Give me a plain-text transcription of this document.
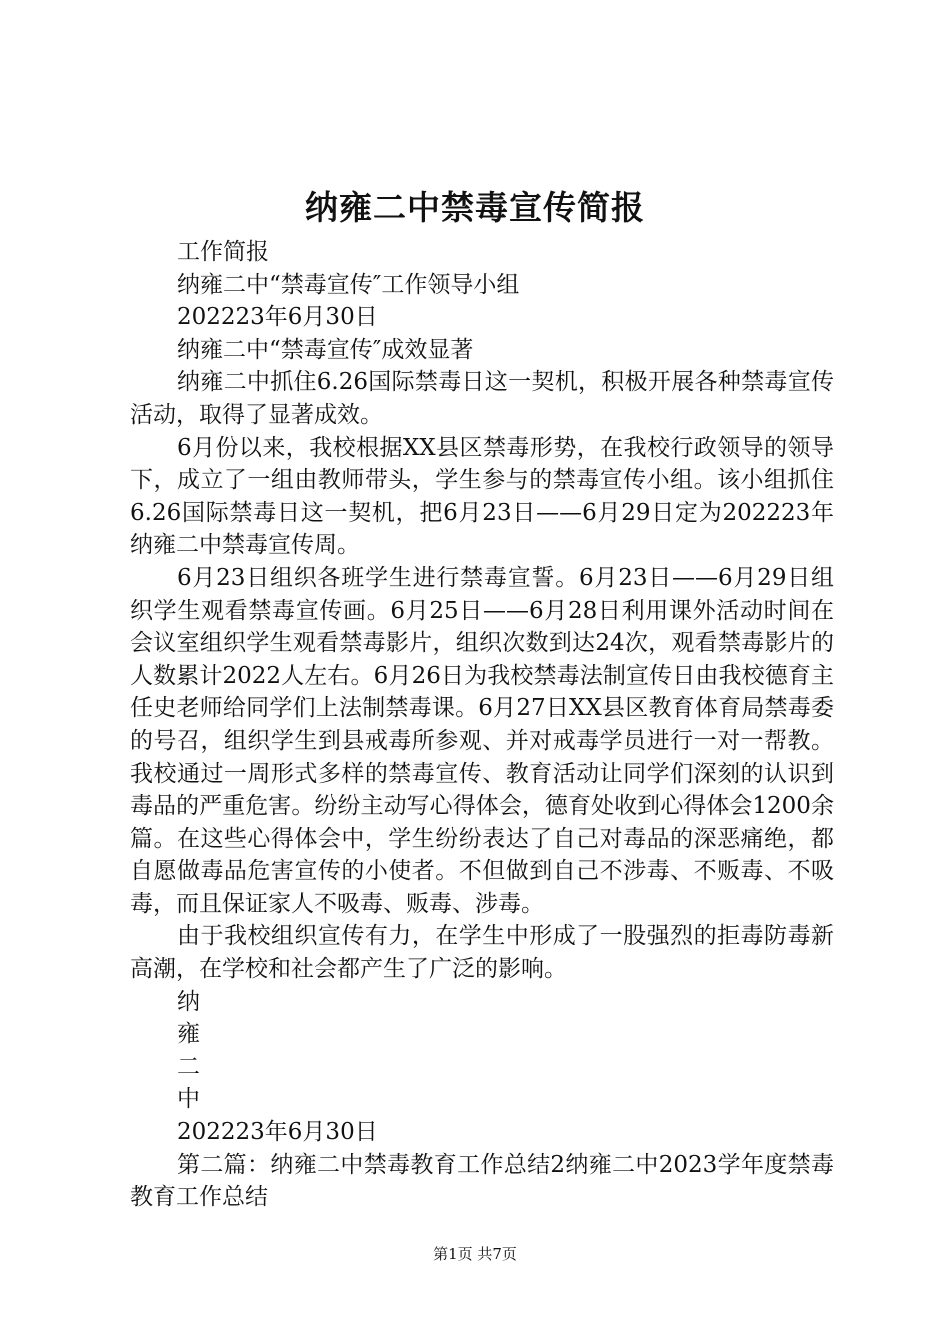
纳雍二中禁毒宣传简报

工作简报

纳雍二中“禁毒宣传″工作领导小组

202223年6月30日

纳雍二中“禁毒宣传″成效显著

纳雍二中抓住6.26国际禁毒日这一契机，积极开展各种禁毒宣传活动，取得了显著成效。

6月份以来，我校根据XX县区禁毒形势，在我校行政领导的领导下，成立了一组由教师带头，学生参与的禁毒宣传小组。该小组抓住6.26国际禁毒日这一契机，把6月23日——6月29日定为202223年纳雍二中禁毒宣传周。

6月23日组织各班学生进行禁毒宣誓。6月23日——6月29日组织学生观看禁毒宣传画。6月25日——6月28日利用课外活动时间在会议室组织学生观看禁毒影片，组织次数到达24次，观看禁毒影片的人数累计2022人左右。6月26日为我校禁毒法制宣传日由我校德育主任史老师给同学们上法制禁毒课。6月27日XX县区教育体育局禁毒委的号召，组织学生到县戒毒所参观、并对戒毒学员进行一对一帮教。我校通过一周形式多样的禁毒宣传、教育活动让同学们深刻的认识到毒品的严重危害。纷纷主动写心得体会，德育处收到心得体会1200余篇。在这些心得体会中，学生纷纷表达了自己对毒品的深恶痛绝，都自愿做毒品危害宣传的小使者。不但做到自己不涉毒、不贩毒、不吸毒，而且保证家人不吸毒、贩毒、涉毒。

由于我校组织宣传有力，在学生中形成了一股强烈的拒毒防毒新高潮，在学校和社会都产生了广泛的影响。

纳

雍

二

中

202223年6月30日

第二篇：纳雍二中禁毒教育工作总结2纳雍二中2023学年度禁毒教育工作总结

第1页 共7页
